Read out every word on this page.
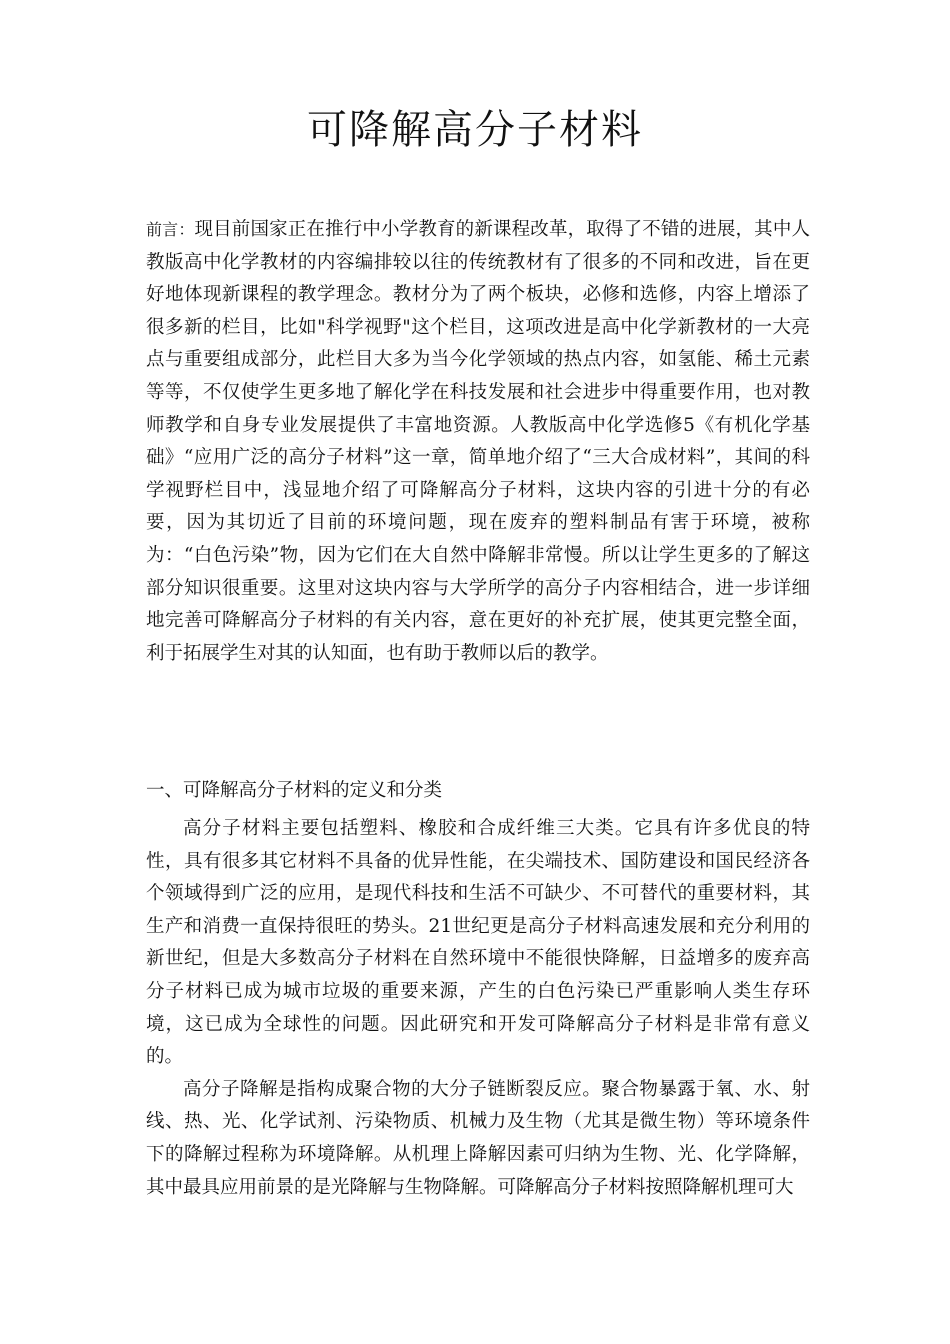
可降解高分子材料

前言：现目前国家正在推行中小学教育的新课程改革，取得了不错的进展，其中人教版高中化学教材的内容编排较以往的传统教材有了很多的不同和改进，旨在更好地体现新课程的教学理念。教材分为了两个板块，必修和选修，内容上增添了很多新的栏目，比如"科学视野"这个栏目，这项改进是高中化学新教材的一大亮点与重要组成部分，此栏目大多为当今化学领域的热点内容，如氢能、稀土元素等等，不仅使学生更多地了解化学在科技发展和社会进步中得重要作用，也对教师教学和自身专业发展提供了丰富地资源。人教版高中化学选修5《有机化学基础》“应用广泛的高分子材料”这一章，简单地介绍了“三大合成材料”，其间的科学视野栏目中，浅显地介绍了可降解高分子材料，这块内容的引进十分的有必要，因为其切近了目前的环境问题，现在废弃的塑料制品有害于环境，被称为：“白色污染”物，因为它们在大自然中降解非常慢。所以让学生更多的了解这部分知识很重要。这里对这块内容与大学所学的高分子内容相结合，进一步详细地完善可降解高分子材料的有关内容，意在更好的补充扩展，使其更完整全面，利于拓展学生对其的认知面，也有助于教师以后的教学。

一、可降解高分子材料的定义和分类

高分子材料主要包括塑料、橡胶和合成纤维三大类。它具有许多优良的特性，具有很多其它材料不具备的优异性能，在尖端技术、国防建设和国民经济各个领域得到广泛的应用，是现代科技和生活不可缺少、不可替代的重要材料，其生产和消费一直保持很旺的势头。21世纪更是高分子材料高速发展和充分利用的新世纪，但是大多数高分子材料在自然环境中不能很快降解，日益增多的废弃高分子材料已成为城市垃圾的重要来源，产生的白色污染已严重影响人类生存环境，这已成为全球性的问题。因此研究和开发可降解高分子材料是非常有意义的。

高分子降解是指构成聚合物的大分子链断裂反应。聚合物暴露于氧、水、射线、热、光、化学试剂、污染物质、机械力及生物（尤其是微生物）等环境条件下的降解过程称为环境降解。从机理上降解因素可归纳为生物、光、化学降解，其中最具应用前景的是光降解与生物降解。可降解高分子材料按照降解机理可大
